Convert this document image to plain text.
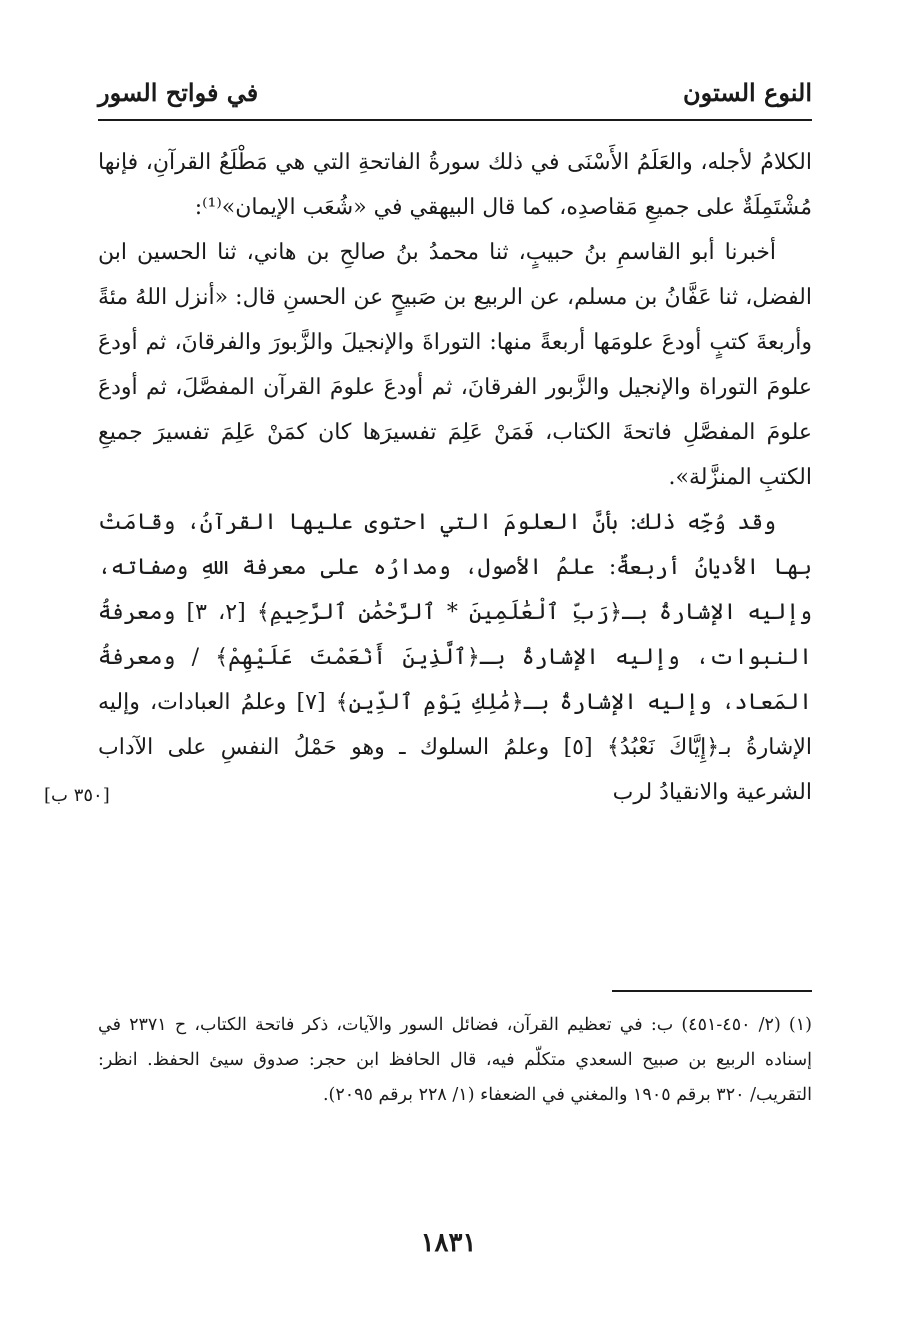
النوع الستون
في فواتح السور

الكلامُ لأجله، والعَلَمُ الأَسْنَى في ذلك سورةُ الفاتحةِ التي هي مَطْلَعُ القرآنِ، فإنها مُشْتَمِلَةٌ على جميعِ مَقاصدِه، كما قال البيهقي في «شُعَب الإيمان»⁽¹⁾:

أخبرنا أبو القاسمِ بنُ حبيبٍ، ثنا محمدُ بنُ صالحِ بن هاني، ثنا الحسين ابن الفضل، ثنا عَفَّانُ بن مسلم، عن الربيع بن صَبيحٍ عن الحسنِ قال: «أنزل اللهُ مئةً وأربعةَ كتبٍ أودعَ علومَها أربعةً منها: التوراةَ والإنجيلَ والزَّبورَ والفرقانَ، ثم أودعَ علومَ التوراة والإنجيل والزَّبور الفرقانَ، ثم أودعَ علومَ القرآن المفصَّلَ، ثم أودعَ علومَ المفصَّلِ فاتحةَ الكتاب، فَمَنْ عَلِمَ تفسيرَها كان كمَنْ عَلِمَ تفسيرَ جميعِ الكتبِ المنزَّلة».

وقد وُجِّه ذلك: بأنَّ العلومَ التي احتوى عليها القرآنُ، وقامَتْ بها الأديانُ أربعةٌ: علمُ الأصول، ومدارُه على معرفة اللهِ وصفاته، وإليه الإشارةُ بـ﴿رَبِّ ٱلْعَٰلَمِينَ * ٱلرَّحْمَٰنِ ٱلرَّحِيمِ﴾ [٢، ٣] ومعرفةُ النبوات، وإليه الإشارةُ بـ﴿ٱلَّذِينَ أَنْعَمْتَ عَلَيْهِمْ﴾ / ومعرفةُ المَعاد، وإليه الإشارةُ بـ﴿مَٰلِكِ يَوْمِ ٱلدِّينِ﴾ [٧] وعلمُ العبادات، وإليه الإشارةُ بـ﴿إِيَّاكَ نَعْبُدُ﴾ [٥] وعلمُ السلوك ـ وهو حَمْلُ النفسِ على الآداب الشرعية والانقيادُ لرب

[٣٥٠ ب]
(١) (٢/ ٤٥٠-٤٥١) ب: في تعظيم القرآن، فضائل السور والآيات، ذكر فاتحة الكتاب، ح ٢٣٧١ في إسناده الربيع بن صبيح السعدي متكلّم فيه، قال الحافظ ابن حجر: صدوق سيئ الحفظ. انظر: التقريب/ ٣٢٠ برقم ١٩٠٥ والمغني في الضعفاء (١/ ٢٢٨ برقم ٢٠٩٥).
١٨٣١
